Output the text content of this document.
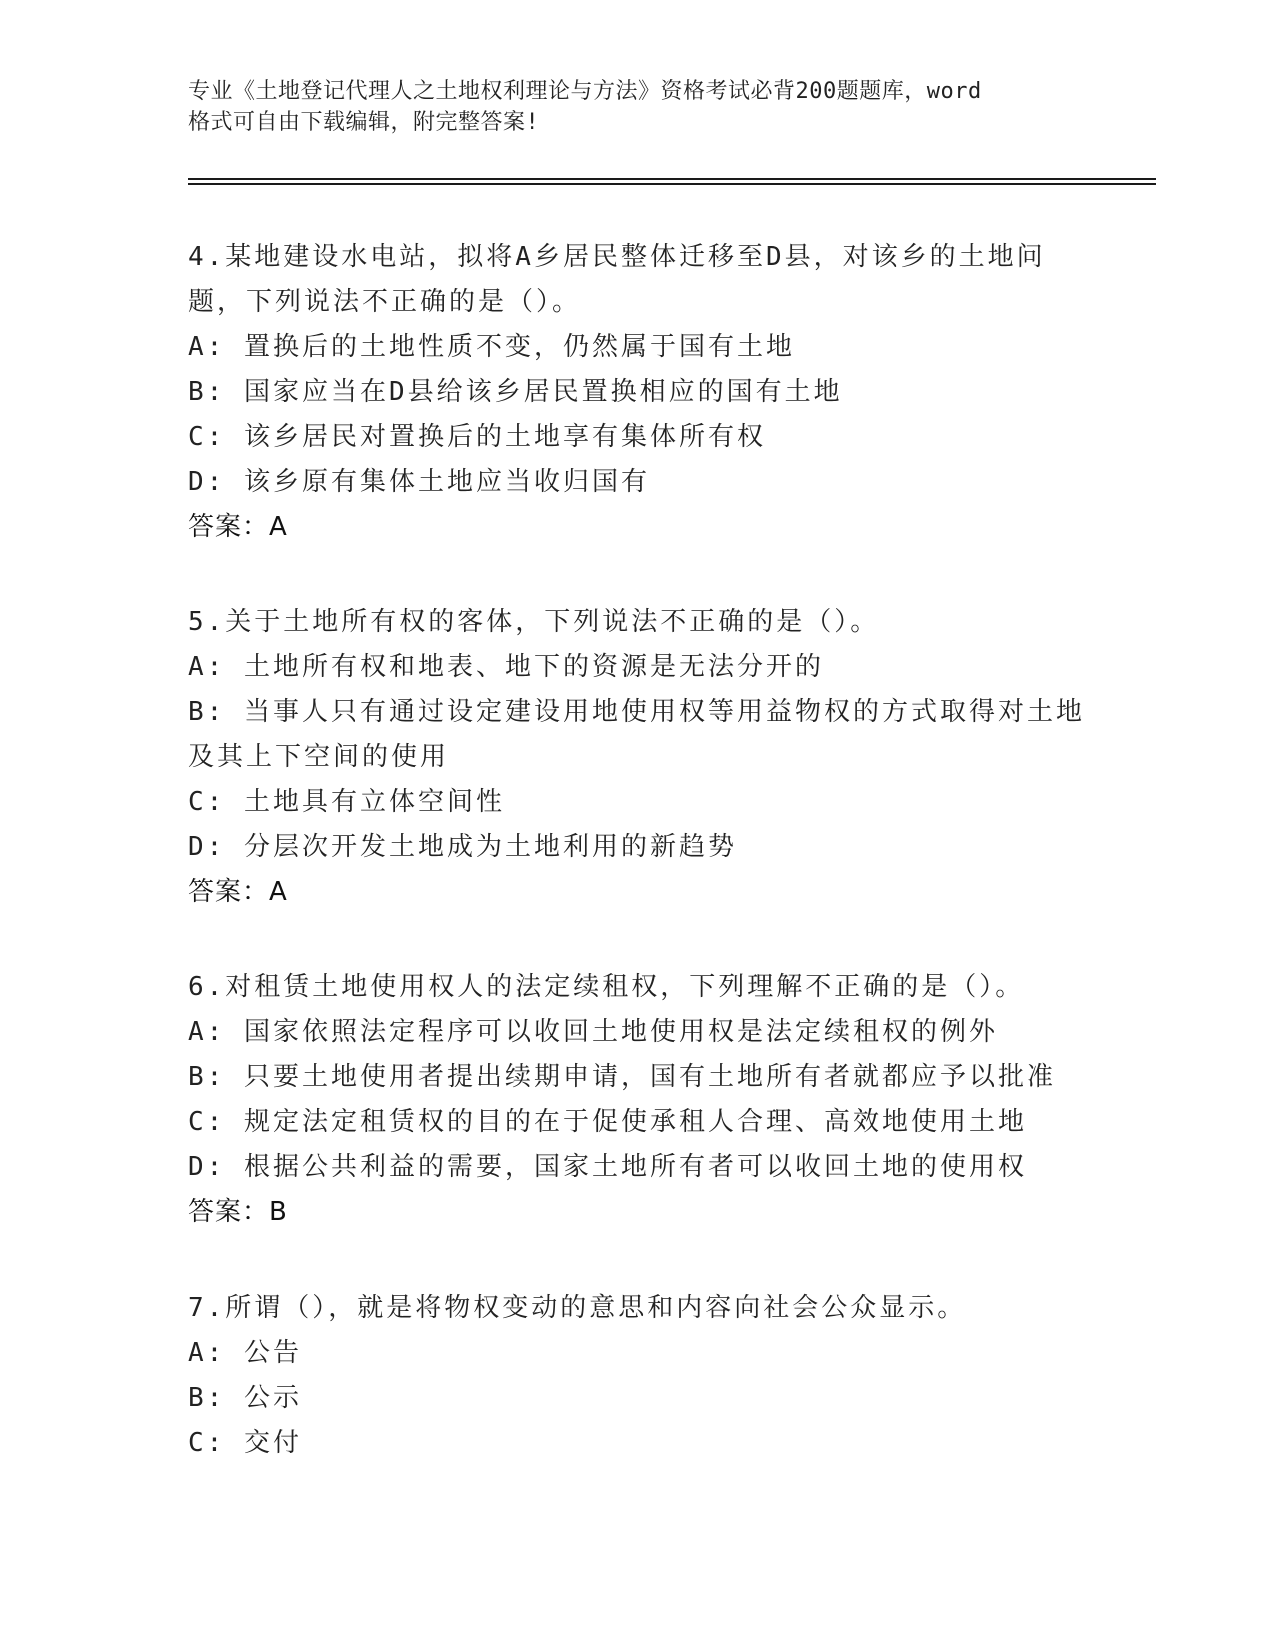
专业《土地登记代理人之土地权利理论与方法》资格考试必背200题题库，word
格式可自由下载编辑，附完整答案!
4.某地建设水电站，拟将A乡居民整体迁移至D县，对该乡的土地问
题，下列说法不正确的是（）。
A: 置换后的土地性质不变，仍然属于国有土地
B: 国家应当在D县给该乡居民置换相应的国有土地
C: 该乡居民对置换后的土地享有集体所有权
D: 该乡原有集体土地应当收归国有
答案：A
5.关于土地所有权的客体，下列说法不正确的是（）。
A: 土地所有权和地表、地下的资源是无法分开的
B: 当事人只有通过设定建设用地使用权等用益物权的方式取得对土地
及其上下空间的使用
C: 土地具有立体空间性
D: 分层次开发土地成为土地利用的新趋势
答案：A
6.对租赁土地使用权人的法定续租权，下列理解不正确的是（）。
A: 国家依照法定程序可以收回土地使用权是法定续租权的例外
B: 只要土地使用者提出续期申请，国有土地所有者就都应予以批准
C: 规定法定租赁权的目的在于促使承租人合理、高效地使用土地
D: 根据公共利益的需要，国家土地所有者可以收回土地的使用权
答案：B
7.所谓（），就是将物权变动的意思和内容向社会公众显示。
A: 公告
B: 公示
C: 交付
